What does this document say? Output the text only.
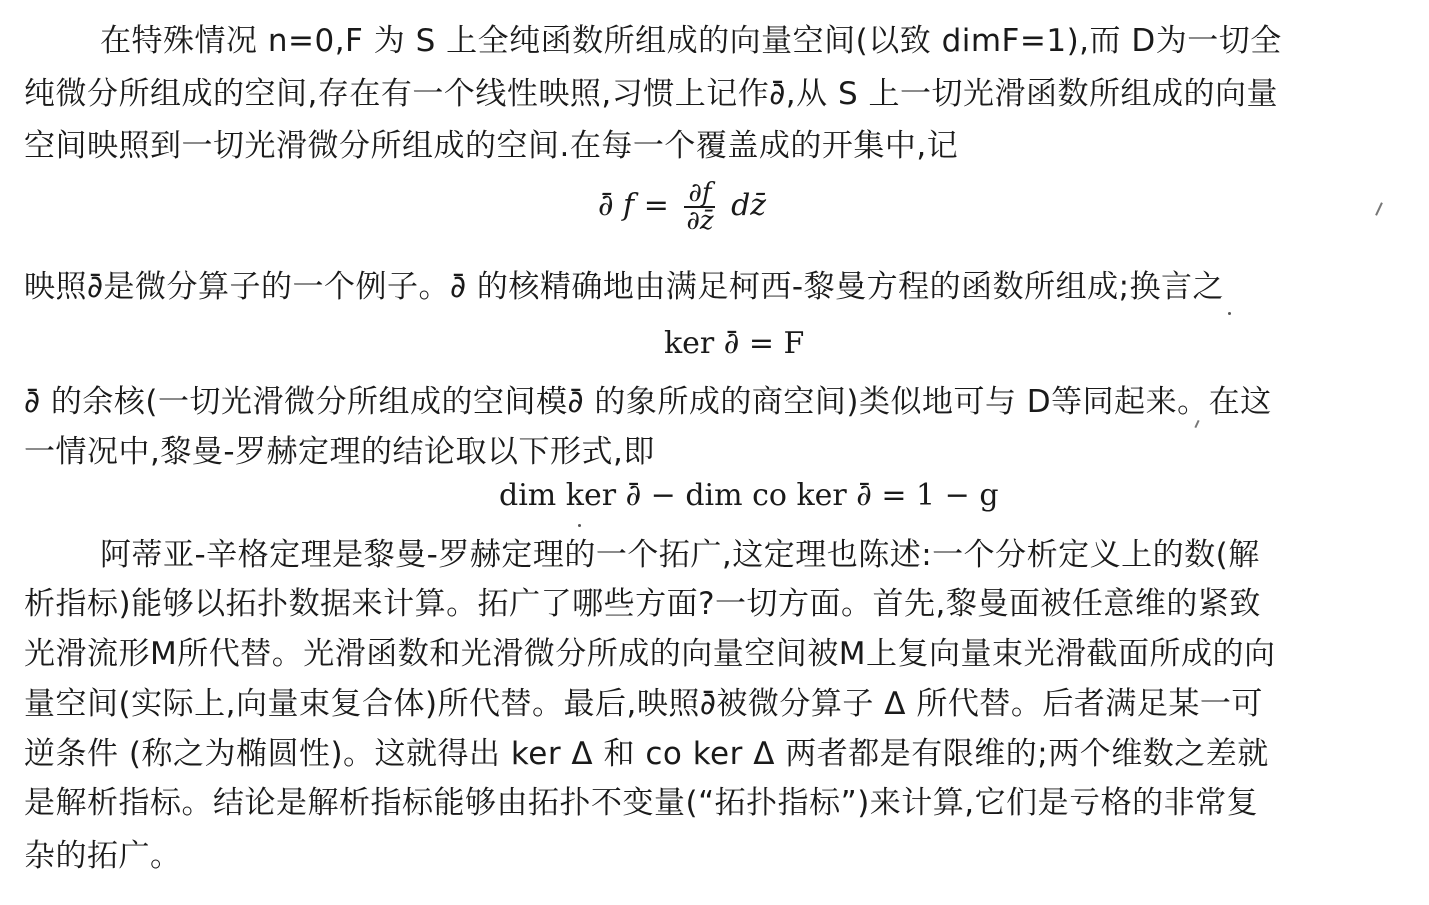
在特殊情况 n=0,F 为 S 上全纯函数所组成的向量空间(以致 dimF=1),而 D为一切全
纯微分所组成的空间,存在有一个线性映照,习惯上记作∂̄,从 S 上一切光滑函数所组成的向量
空间映照到一切光滑微分所组成的空间.在每一个覆盖成的开集中,记
∂̄ $f = \frac{\partial f}{\partial z̄}$ dz̄
映照∂̄是微分算子的一个例子。∂̄ 的核精确地由满足柯西-黎曼方程的函数所组成;换言之
ker ∂̄ = F
∂̄ 的余核(一切光滑微分所组成的空间模∂̄ 的象所成的商空间)类似地可与 D等同起来。在这
一情况中,黎曼-罗赫定理的结论取以下形式,即
dim ker ∂̄ − dim co ker ∂̄ = 1 − g
阿蒂亚-辛格定理是黎曼-罗赫定理的一个拓广,这定理也陈述:一个分析定义上的数(解
析指标)能够以拓扑数据来计算。拓广了哪些方面?一切方面。首先,黎曼面被任意维的紧致
光滑流形M所代替。光滑函数和光滑微分所成的向量空间被M上复向量束光滑截面所成的向
量空间(实际上,向量束复合体)所代替。最后,映照∂̄被微分算子 Δ 所代替。后者满足某一可
逆条件 (称之为椭圆性)。这就得出 ker Δ 和 co ker Δ 两者都是有限维的;两个维数之差就
是解析指标。结论是解析指标能够由拓扑不变量(“拓扑指标”)来计算,它们是亏格的非常复
杂的拓广。
